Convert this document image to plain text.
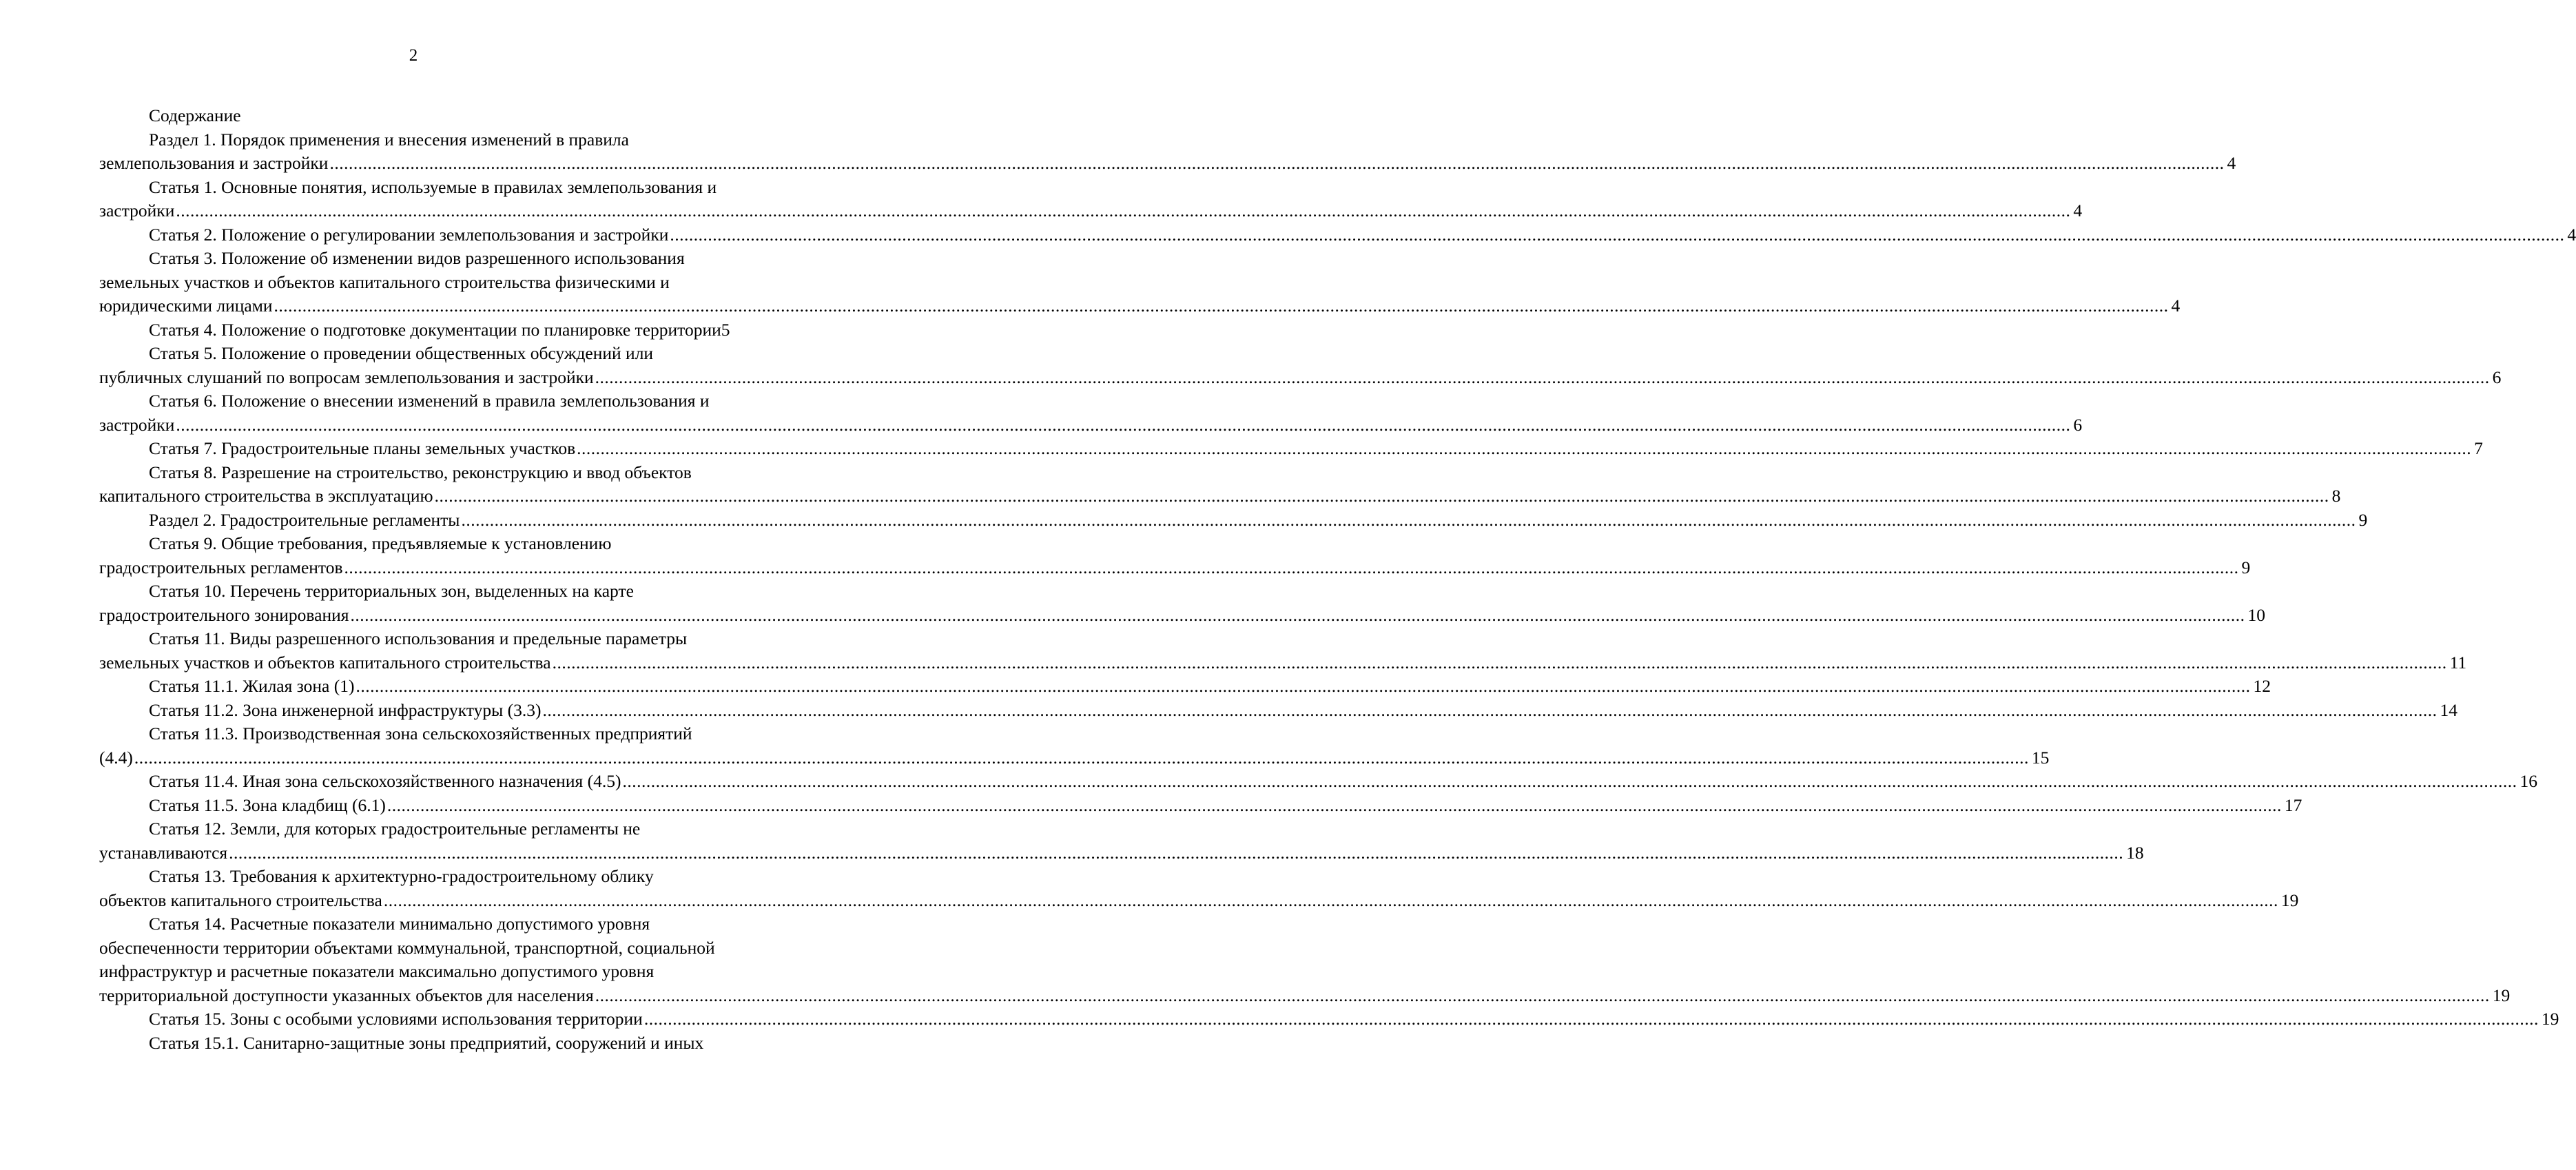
2
Содержание
Раздел 1. Порядок применения и внесения изменений в правила
землепользования и застройки ................................................................................................................................................................................................................................................................................................................................................................................................................ 4
Статья 1. Основные понятия, используемые в правилах землепользования и
застройки ................................................................................................................................................................................................................................................................................................................................................................................................................ 4
Статья 2. Положение о регулировании землепользования и застройки ................................................................................................................................................................................................................................................................................................................................................................................................................ 4
Статья 3. Положение об изменении видов разрешенного использования
земельных участков и объектов капитального строительства физическими и
юридическими лицами ................................................................................................................................................................................................................................................................................................................................................................................................................ 4
Статья 4. Положение о подготовке документации по планировке территории 5
Статья 5. Положение о проведении общественных обсуждений или
публичных слушаний по вопросам землепользования и застройки ................................................................................................................................................................................................................................................................................................................................................................................................................ 6
Статья 6. Положение о внесении изменений в правила землепользования и
застройки ................................................................................................................................................................................................................................................................................................................................................................................................................ 6
Статья 7. Градостроительные планы земельных участков ................................................................................................................................................................................................................................................................................................................................................................................................................ 7
Статья 8. Разрешение на строительство, реконструкцию и ввод объектов
капитального строительства в эксплуатацию ................................................................................................................................................................................................................................................................................................................................................................................................................ 8
Раздел 2. Градостроительные регламенты ................................................................................................................................................................................................................................................................................................................................................................................................................ 9
Статья 9. Общие требования, предъявляемые к установлению
градостроительных регламентов ................................................................................................................................................................................................................................................................................................................................................................................................................ 9
Статья 10. Перечень территориальных зон, выделенных на карте
градостроительного зонирования ................................................................................................................................................................................................................................................................................................................................................................................................................ 10
Статья 11. Виды разрешенного использования и предельные параметры
земельных участков и объектов капитального строительства ................................................................................................................................................................................................................................................................................................................................................................................................................ 11
Статья 11.1. Жилая зона (1) ................................................................................................................................................................................................................................................................................................................................................................................................................ 12
Статья 11.2. Зона инженерной инфраструктуры (3.3) ................................................................................................................................................................................................................................................................................................................................................................................................................ 14
Статья 11.3. Производственная зона сельскохозяйственных предприятий
(4.4) ................................................................................................................................................................................................................................................................................................................................................................................................................ 15
Статья 11.4. Иная зона сельскохозяйственного назначения (4.5) ................................................................................................................................................................................................................................................................................................................................................................................................................ 16
Статья 11.5. Зона кладбищ (6.1) ................................................................................................................................................................................................................................................................................................................................................................................................................ 17
Статья 12. Земли, для которых градостроительные регламенты не
устанавливаются ................................................................................................................................................................................................................................................................................................................................................................................................................ 18
Статья 13. Требования к архитектурно-градостроительному облику
объектов капитального строительства ................................................................................................................................................................................................................................................................................................................................................................................................................ 19
Статья 14. Расчетные показатели минимально допустимого уровня
обеспеченности территории объектами коммунальной, транспортной, социальной
инфраструктур и расчетные показатели максимально допустимого уровня
территориальной доступности указанных объектов для населения ................................................................................................................................................................................................................................................................................................................................................................................................................ 19
Статья 15. Зоны с особыми условиями использования территории ................................................................................................................................................................................................................................................................................................................................................................................................................ 19
Статья 15.1. Санитарно-защитные зоны предприятий, сооружений и иных
